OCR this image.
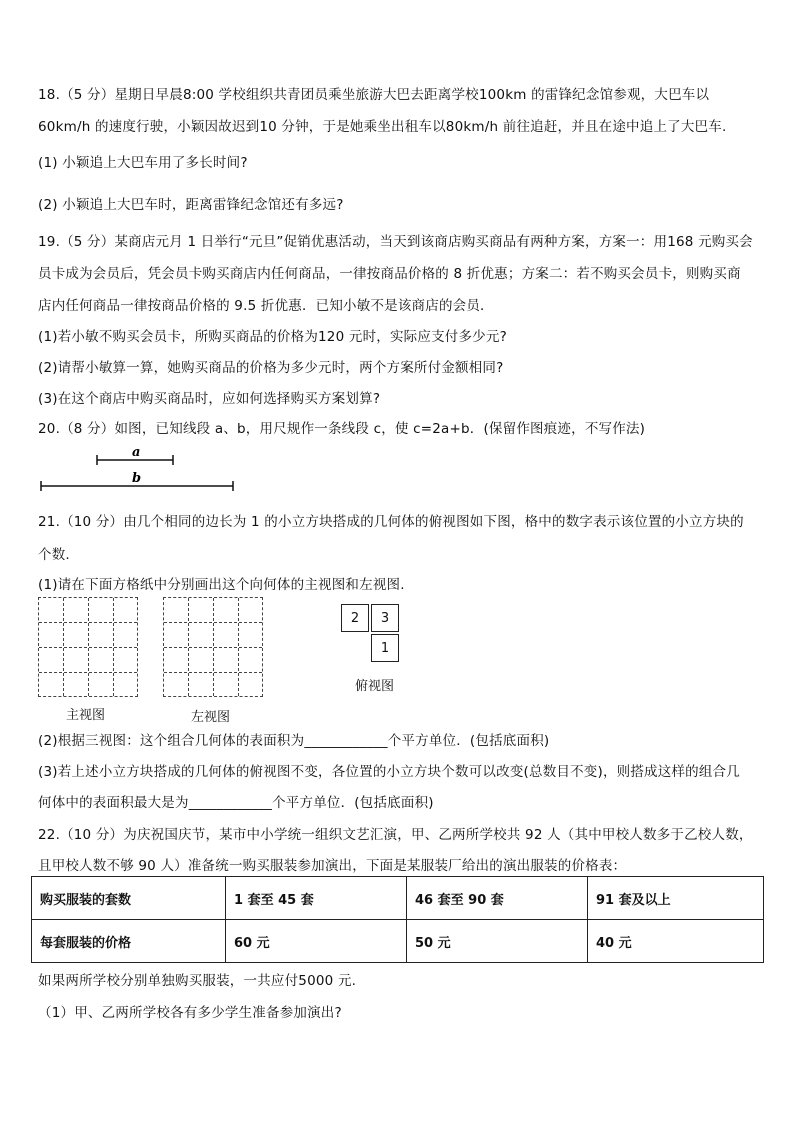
18.（5 分）星期日早晨8:00 学校组织共青团员乘坐旅游大巴去距离学校100km 的雷锋纪念馆参观，大巴车以
60km/h 的速度行驶，小颖因故迟到10 分钟，于是她乘坐出租车以80km/h 前往追赶，并且在途中追上了大巴车.
(1) 小颖追上大巴车用了多长时间?
(2) 小颖追上大巴车时，距离雷锋纪念馆还有多远?
19.（5 分）某商店元月 1 日举行“元旦”促销优惠活动，当天到该商店购买商品有两种方案，方案一：用168 元购买会
员卡成为会员后，凭会员卡购买商店内任何商品，一律按商品价格的 8 折优惠；方案二：若不购买会员卡，则购买商
店内任何商品一律按商品价格的 9.5 折优惠．已知小敏不是该商店的会员．
(1)若小敏不购买会员卡，所购买商品的价格为120 元时，实际应支付多少元?
(2)请帮小敏算一算，她购买商品的价格为多少元时，两个方案所付金额相同?
(3)在这个商店中购买商品时，应如何选择购买方案划算?
20.（8 分）如图，已知线段 a、b，用尺规作一条线段 c，使 c=2a+b．(保留作图痕迹，不写作法)
a
b
21.（10 分）由几个相同的边长为 1 的小立方块搭成的几何体的俯视图如下图，格中的数字表示该位置的小立方块的
个数.
(1)请在下面方格纸中分别画出这个向何体的主视图和左视图.
主视图	左视图
2	3
1
俯视图
(2)根据三视图：这个组合几何体的表面积为____________个平方单位．(包括底面积)
(3)若上述小立方块搭成的几何体的俯视图不变，各位置的小立方块个数可以改变(总数目不变)，则搭成这样的组合几
何体中的表面积最大是为____________个平方单位．(包括底面积)
22.（10 分）为庆祝国庆节，某市中小学统一组织文艺汇演，甲、乙两所学校共 92 人（其中甲校人数多于乙校人数，
且甲校人数不够 90 人）准备统一购买服装参加演出，下面是某服装厂给出的演出服装的价格表：
购买服装的套数	1 套至 45 套	46 套至 90 套	91 套及以上
每套服装的价格	60 元	50 元	40 元
如果两所学校分别单独购买服装，一共应付5000 元.
（1）甲、乙两所学校各有多少学生准备参加演出?
